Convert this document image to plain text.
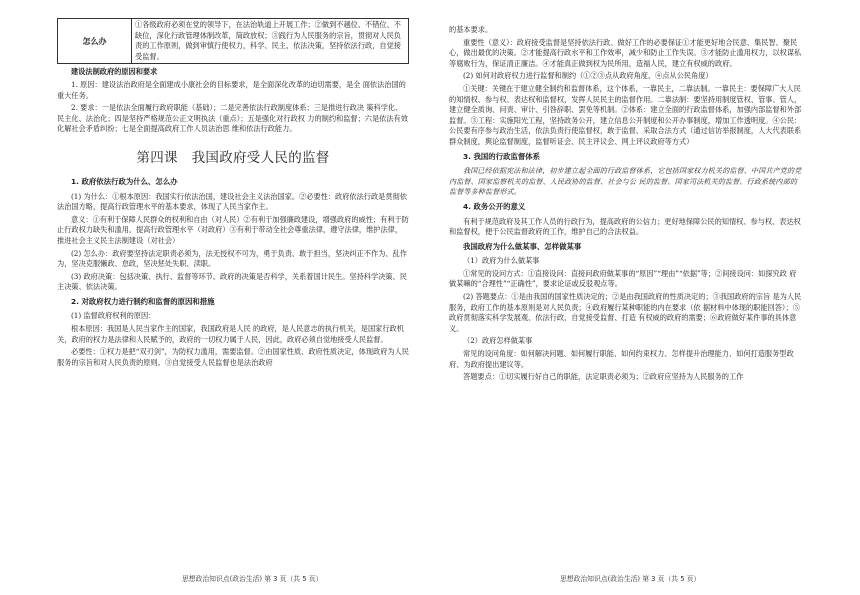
怎么办	①各级政府必须在党的领导下，在法治轨道上开展工作；②做到不越位、不错位、不缺位，深化行政管理体制改革，简政放权；③践行为人民服务的宗旨，贯彻对人民负 责的工作原则，做到审慎行使权力，科学、民主、依法决策，坚持依法行政，自觉接受监督。

建设法制政府的原因和要求

1. 原因：建设法治政府是全面建成小康社会的目标要求，是全面深化改革的迫切需要，是全 面依法治国的重大任务。

2. 要求：一是依法全面履行政府职能（基础）；二是完善依法行政制度体系；三是推进行政决 策科学化、民主化、法治化；四是坚持严格规范公正文明执法（重点）；五是强化对行政权 力的制约和监督；六是依法有效化解社会矛盾纠纷；七是全面提高政府工作人员法治思 维和依法行政能力。

第四课　我国政府受人民的监督

1. 政府依法行政为什么、怎么办

(1) 为什么：①根本原因：我国实行依法治国，建设社会主义法治国家。②必要性：政府依法行政是贯彻依法治国方略，提高行政管理水平的基本要求，体现了人民当家作主。

意义：①有利于保障人民群众的权利和自由（对人民）②有利于加强廉政建设，增强政府的威性；有利于防止行政权力缺失和滥用，提高行政管理水平（对政府）③有利于带动全社会尊重法律，遵守法律，维护法律，推进社会主义民主法制建设（对社会）

(2) 怎么办：政府要坚持法定职责必须为，法无授权不可为，勇于负责、敢于担当，坚决纠正不作为、乱作为，坚决克服懒政、怠政，坚决惩处失职、渎职。

(3) 政府决策：包括决策、执行、监督等环节。政府的决策是否科学，关系着国计民生。坚持科学决策、民主决策、依法决策。

2. 对政府权力进行制约和监督的原因和措施

(1) 监督政府权利的原因：

根本原因：我国是人民当家作主的国家，我国政府是人民 的政府，是人民意志的执行机关，是国家行政机关，政府的权力是法律和人民赋予的，政府的一切权力属于人民，因此，政府必须自觉地接受人民监督。

必要性：①权力是把“双刃剑”，为防权力滥用，需要监督。②由国家性质、政府性质决定，体现政府为人民服务的宗旨和对人民负责的原则。③自觉接受人民监督也是法治政府

的基本要求。

重要性（意义）：政府接受监督是坚持依法行政、做好工作的必要保证①才能更好地合民意、集民智、聚民心，做出最优的决策。②才能提高行政水平和工作效率，减少和防止工作失误。③才能防止滥用权力，以权谋私等腐败行为，保证清正廉洁。④才能真正做到权为民所用，造福人民，建立有权威的政府。

(2) 如何对政府权力进行监督和制约（①②③点从政府角度、④点从公民角度）

①关键：关键在于建立健全制约和监督体系，这个体系，一靠民主，二靠法制。一靠民主：要保障广大人民的知情权、参与权、表达权和监督权，发挥人民民主的监督作用。二靠法制：要坚持用制度管权、管事、管人，建立健全质询、问责、审计、引咎辞职、罢免等机制。②体系：建立全面的行政监督体系，加强内部监督和外部监督。③工程：实施阳光工程，坚持政务公开，建立信息公开制度和公开办事制度，增加工作透明度。④公民：公民要有序参与政治生活，依法负责行使监督权，敢于监督、采取合法方式（通过信访举报制度，人大代表联系群众制度，舆论监督制度，监督听证会、民主评议会、网上评议政府等方式）

3. 我国的行政监督体系

我国已经依据宪法和法律，初步建立起全面的行政监督体系，它包括国家权力机关的监督、中国共产党的党内监督、国家监察机关的监督、人民政协的监督、社会与公 民的监督、国家司法机关的监督、行政系统内部的监督等多种监督形式。

4. 政务公开的意义

有利于规范政府及其工作人员的行政行为，提高政府的公信力；更好地保障公民的知情权、参与权、表达权和监督权，便于公民监督政府的工作，维护自己的合法权益。

我国政府为什么做某事、怎样做某事

（1）政府为什么做某事

①常见的设问方式：①直接设问：直接问政府做某事的“原因”“理由”“依据”等；②间接设问：如探究政 府做某嘛的“合理性”“正确性”，要求论证或反驳观点等。

(2) 答题要点：①是由我国的国家性质决定的；②是由我国政府的性质决定的；③我国政府的宗旨 是为人民服务，政府工作的基本原则是对人民负责；④政府履行某种职能的内在要求（依 据材料中体现的职能回答）；⑤政府贯彻落实科学发展观、依法行政、自觉接受监督、打造 有权威的政府的需要；⑥政府做好某件事的具体意义。

（2）政府怎样做某事

常见的设问角度：如何解决问题、如何履行职能、如何约束权力、怎样提升治理能力、如何打造服务型政府、为政府提出建议等。

答题要点：①切实履行好自己的职能，法定职责必须为；②政府应坚持为人民服务的工作

思想政治知识点(政治生活) 第 3 页（共 5 页）	思想政治知识点(政治生活) 第 3 页（共 5 页）
